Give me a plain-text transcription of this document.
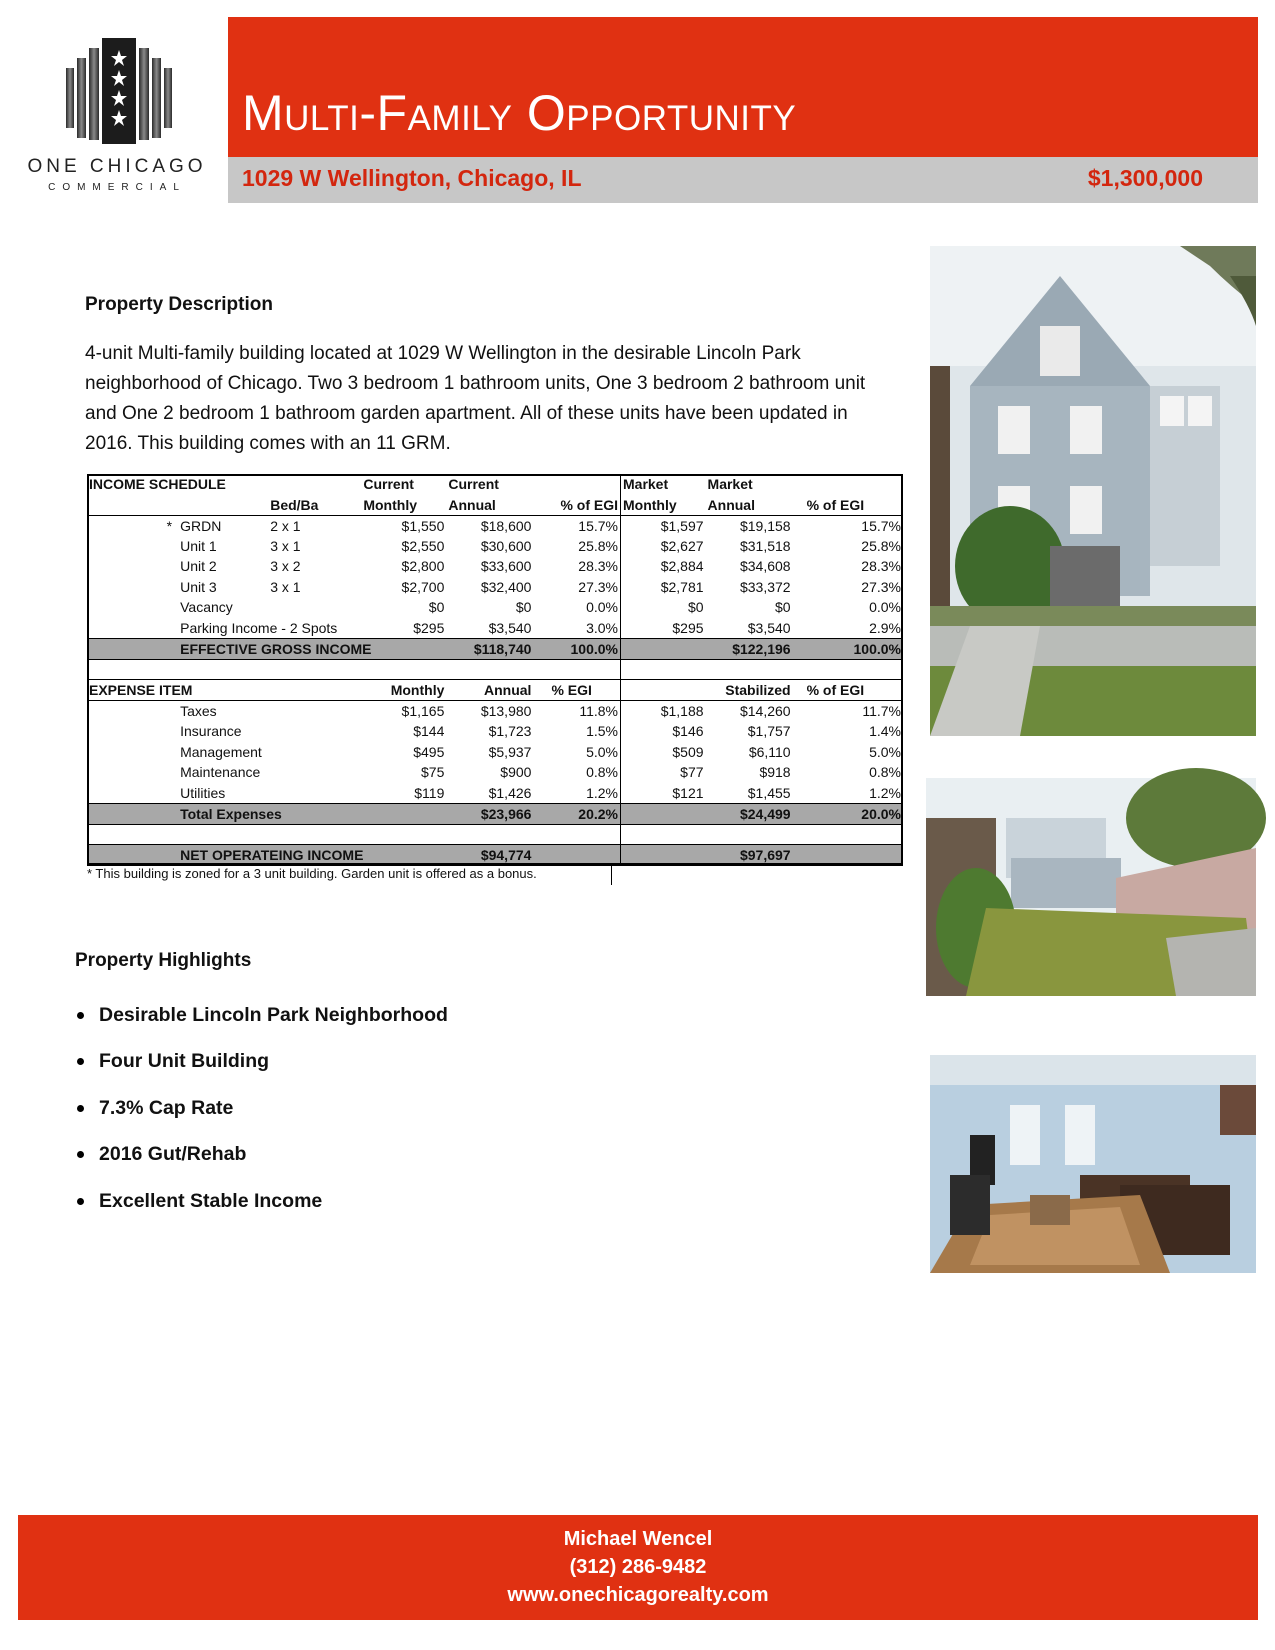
ONE CHICAGO
COMMERCIAL
Multi-Family Opportunity
1029 W Wellington, Chicago, IL	$1,300,000
Property Description
4-unit Multi-family building located at 1029 W Wellington in the desirable Lincoln Park neighborhood of Chicago. Two 3 bedroom 1 bathroom units, One 3 bedroom 2 bathroom unit and One 2 bedroom 1 bathroom garden apartment. All of these units have been updated in 2016. This building comes with an 11 GRM.
INCOME SCHEDULE			Current	Current		Market	Market	
		Bed/Ba	Monthly	Annual	% of EGI	Monthly	Annual	% of EGI
*	GRDN	2 x 1	$1,550	$18,600	15.7%	$1,597	$19,158	15.7%
	Unit 1	3 x 1	$2,550	$30,600	25.8%	$2,627	$31,518	25.8%
	Unit 2	3 x 2	$2,800	$33,600	28.3%	$2,884	$34,608	28.3%
	Unit 3	3 x 1	$2,700	$32,400	27.3%	$2,781	$33,372	27.3%
	Vacancy		$0	$0	0.0%	$0	$0	0.0%
	Parking Income - 2 Spots		$295	$3,540	3.0%	$295	$3,540	2.9%
	EFFECTIVE GROSS INCOME			$118,740	100.0%		$122,196	100.0%

EXPENSE ITEM			Monthly	Annual	% EGI		Stabilized	% of EGI
	Taxes		$1,165	$13,980	11.8%	$1,188	$14,260	11.7%
	Insurance		$144	$1,723	1.5%	$146	$1,757	1.4%
	Management		$495	$5,937	5.0%	$509	$6,110	5.0%
	Maintenance		$75	$900	0.8%	$77	$918	0.8%
	Utilities		$119	$1,426	1.2%	$121	$1,455	1.2%
	Total Expenses			$23,966	20.2%		$24,499	20.0%

	NET OPERATEING INCOME			$94,774			$97,697	
* This building is zoned for a 3 unit building. Garden unit is offered as a bonus.
Property Highlights
Desirable Lincoln Park Neighborhood
Four Unit Building
7.3% Cap Rate
2016 Gut/Rehab
Excellent Stable Income
Michael Wencel
(312) 286-9482
www.onechicagorealty.com
